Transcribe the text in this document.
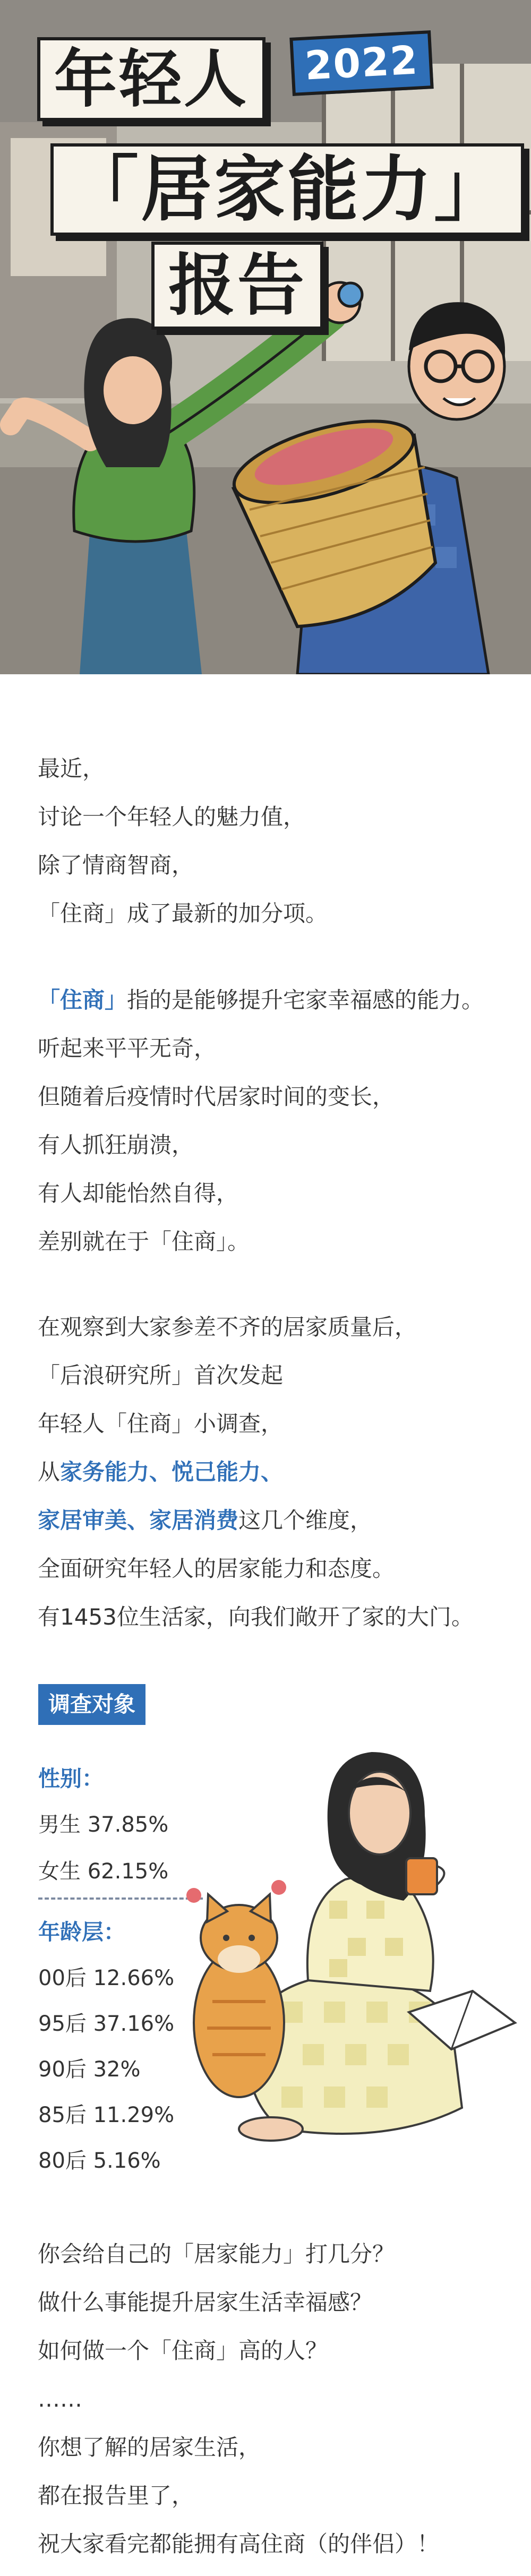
年轻人	2022
「居家能力」
报告
最近，
讨论一个年轻人的魅力值，
除了情商智商，
「住商」成了最新的加分项。
「住商」指的是能够提升宅家幸福感的能力。
听起来平平无奇，
但随着后疫情时代居家时间的变长，
有人抓狂崩溃，
有人却能怡然自得，
差别就在于「住商」。
在观察到大家参差不齐的居家质量后，
「后浪研究所」首次发起
年轻人「住商」小调查，
从家务能力、悦己能力、
家居审美、家居消费这几个维度，
全面研究年轻人的居家能力和态度。
有1453位生活家，向我们敞开了家的大门。
调查对象
性别：
男生 37.85%
女生 62.15%
年龄层：
00后 12.66%
95后 37.16%
90后 32%
85后 11.29%
80后 5.16%
你会给自己的「居家能力」打几分？
做什么事能提升居家生活幸福感？
如何做一个「住商」高的人？
……
你想了解的居家生活，
都在报告里了，
祝大家看完都能拥有高住商（的伴侣）！
